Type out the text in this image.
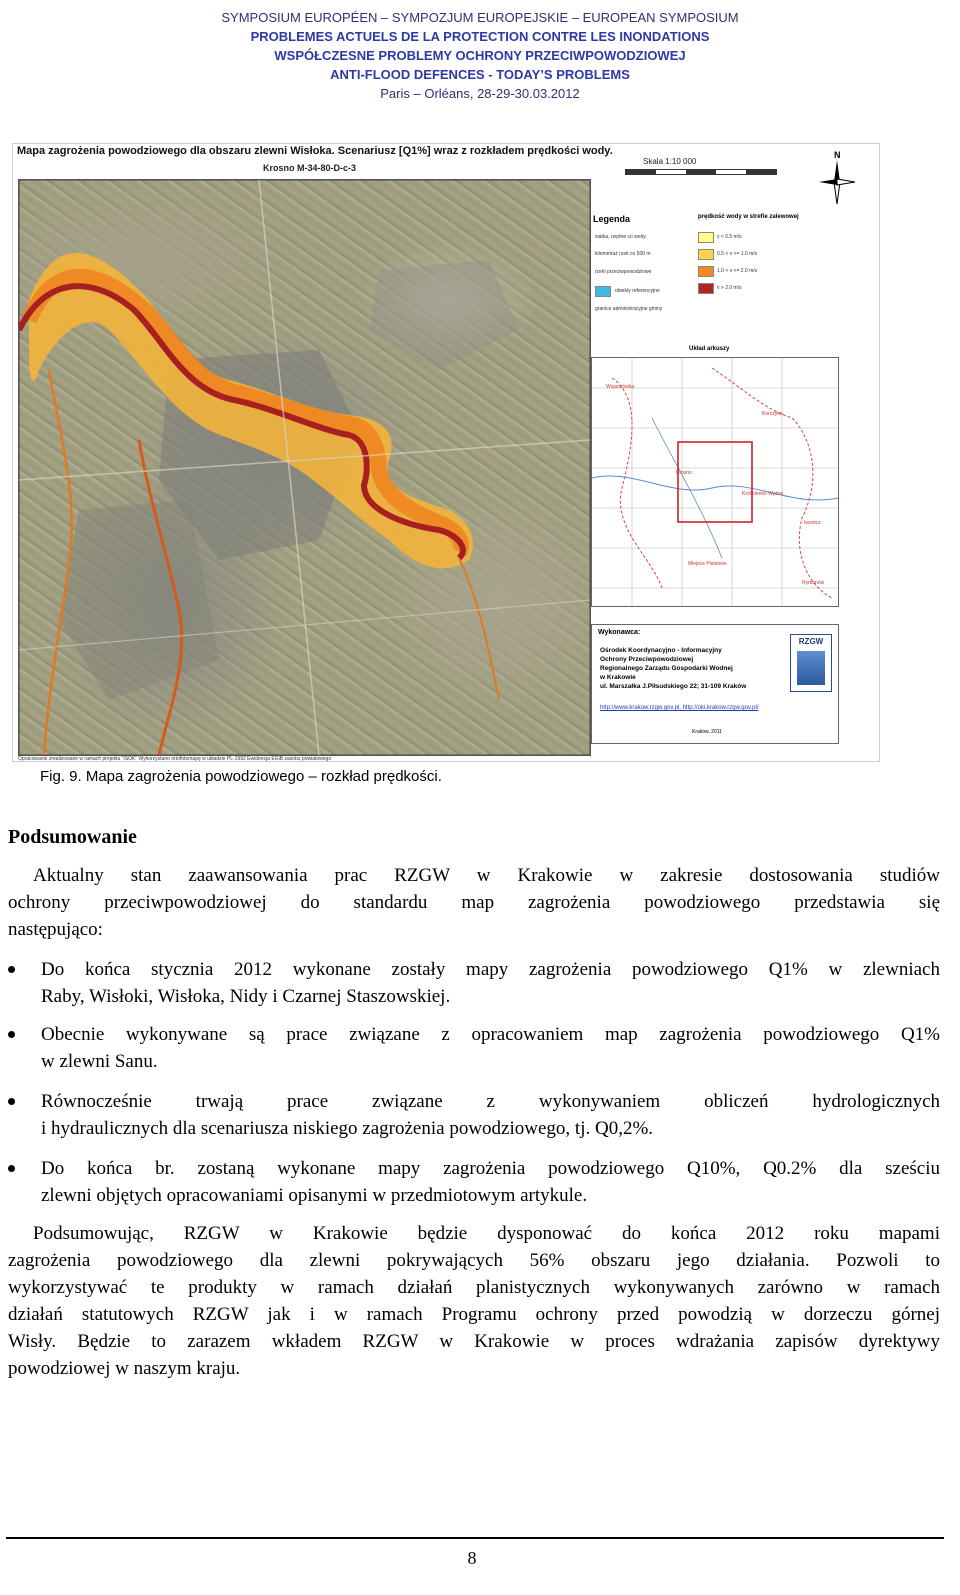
SYMPOSIUM EUROPÉEN – SYMPOZJUM EUROPEJSKIE – EUROPEAN SYMPOSIUM
PROBLEMES ACTUELS DE LA PROTECTION CONTRE LES INONDATIONS
WSPÓŁCZESNE PROBLEMY OCHRONY PRZECIWPOWODZIOWEJ
ANTI-FLOOD DEFENCES - TODAY’S PROBLEMS
Paris – Orléans, 28-29-30.03.2012
Mapa zagrożenia powodziowego dla obszaru zlewni Wisłoka. Scenariusz [Q1%] wraz z rozkładem prędkości wody.
Krosno M-34-80-D-c-3
Skala 1:10 000
N
Legenda	prędkość wody w strefie zalewowej
siatka, rzędne co wody
kilometraż rzek co 500 m
rzeki przeciwpowodziowe
obiekty referencyjne
granice administracyjne gminy
v < 0.5 m/s
0.5 < v <= 1.0 m/s
1.0 < v <= 2.0 m/s
v > 2.0 m/s
Układ arkuszy
Wojaszówka
Korczyna
Krosno
Krościenko Wyżne
Iwonicz
Miejsce Piastowe
Rymanów
Wykonawca:
Ośrodek Koordynacyjno - Informacyjny
Ochrony Przeciwpowodziowej
Regionalnego Zarządu Gospodarki Wodnej
w Krakowie
ul. Marszałka J.Piłsudskiego 22; 31-109 Kraków
http://www.krakow.rzgw.gov.pl, http://oki.krakow.rzgw.gov.pl/
Kraków, 2011
RZGW
Opracowanie zrealizowane w ramach projektu "ISOK" Wykorzystano ortofotomapę w układzie PL-1992 Ewidencja EGiB zasobu powiatowego
Fig. 9. Mapa zagrożenia powodziowego – rozkład prędkości.
Podsumowanie
Aktualny stan zaawansowania prac RZGW w Krakowie w zakresie dostosowania studiów
ochrony przeciwpowodziowej do standardu map zagrożenia powodziowego przedstawia się
następująco:
Do końca stycznia 2012 wykonane zostały mapy zagrożenia powodziowego Q1% w zlewniach
Raby, Wisłoki, Wisłoka, Nidy i Czarnej Staszowskiej.
Obecnie wykonywane są prace związane z opracowaniem map zagrożenia powodziowego Q1%
w zlewni Sanu.
Równocześnie trwają prace związane z wykonywaniem obliczeń hydrologicznych
i hydraulicznych dla scenariusza niskiego zagrożenia powodziowego, tj. Q0,2%.
Do końca br. zostaną wykonane mapy zagrożenia powodziowego Q10%, Q0.2% dla sześciu
zlewni objętych opracowaniami opisanymi w przedmiotowym artykule.
Podsumowując, RZGW w Krakowie będzie dysponować do końca 2012 roku mapami
zagrożenia powodziowego dla zlewni pokrywających 56% obszaru jego działania. Pozwoli to
wykorzystywać te produkty w ramach działań planistycznych wykonywanych zarówno w ramach
działań statutowych RZGW jak i w ramach Programu ochrony przed powodzią w dorzeczu górnej
Wisły. Będzie to zarazem wkładem RZGW w Krakowie w proces wdrażania zapisów dyrektywy
powodziowej w naszym kraju.
8
